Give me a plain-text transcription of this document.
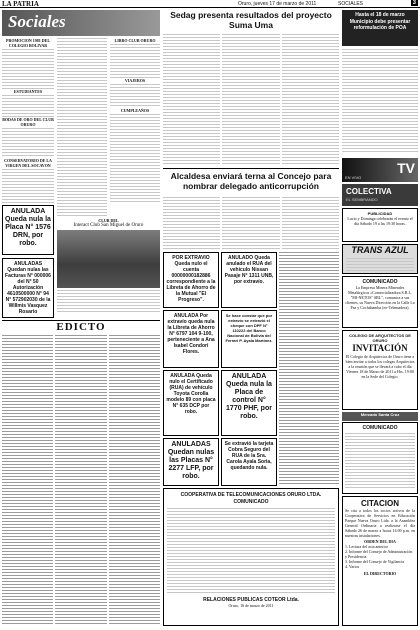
LA PATRIA	Oruro, jueves 17 de marzo de 2011	SOCIALES	3
Sociales
PROMOCION 1981 DEL COLEGIO BOLIVAR
ESTUDIANTES
BODAS DE ORO DEL CLUB ORURO
CONSERVATORIO DE LA VIRGEN DEL SOCAVON
LIBRO CLUB ORURO
VIAJEROS
CUMPLEAÑOS
ANULADA Queda nula la Placa N° 1576 DRN, por robo.
ANULADAS Quedan nulas las Facturas N° 000006 del N° 50 Autorización 4610500000 N° 94 N° 572902030 de la Willmis Vasquez Rosario
CLUB DEL
Interact Club San Miguel de Oruro
EDICTO
Sedag presenta resultados del proyecto Suma Uma
Alcaldesa enviará terna al Concejo para nombrar delegado anticorrupción
POR EXTRAVIO Queda nulo el cuenta 00000000182886 correspondiente a la Libreta de Ahorro de la Mutual "El Progreso".
ANULADA Por extravío queda nula la Libreta de Ahorro N° 6797 104 9-100, perteneciente a Ana Isabel Condori Flores.
ANULADA Queda nulo el Certificado (RUA) de vehículo Toyota Corolla modelo 89 con placa N° 635 DCP por robo.
ANULADAS Quedan nulas las Placas N° 2277 LFP, por robo.
ANULADO Queda anulado el RUA del vehículo Nissan Pasaje N° 1311 UNB, por extravío.
Se hace constar que por extravío se extravió el cheque con DPF N° 110222 del Banco Nacional de Bolivia del Ferrari P. Ayala Martínez.
ANULADA Queda nula la Placa de control N° 1770 PHF, por robo.
Se extravió la tarjeta Cobra Seguro del RUA de la Sra. Carola Ayala Soria, quedando nula.
COOPERATIVA DE TELECOMUNICACIONES ORURO LTDA.
COMUNICADO
RELACIONES PUBLICAS COTEOR Ltda.
Oruro, 16 de marzo de 2011
Hasta el 18 de marzo
Municipio debe presentar reformulación de POA
TV
EN VIVO
COLECTIVA
EL SEMBRANDO
PUBLICIDAD
Lucio y Dominga celebrarán el evento el día Sábado 19 a las 19:30 horas.
TRANS AZUL
COMUNICADO
La Empresa Minera Minerales Metalúrgicos «Comercializadora S.R.L. "MI-NETOS" SRL", comunica a sus clientes, su Nueva Dirección en la Calle La Paz y Cochabamba (ex-Telemadera).
COLEGIO DE ARQUITECTOS DE ORURO
INVITACIÓN
El Colegio de Arquitectos de Oruro tiene a bien invitar a todos los colegas Arquitectos a la reunión que se llevará a cabo el día Viernes 18 de Marzo de 2011 a Hrs. 19:00 en la Sede del Colegio.
Mercado Santa Cruz
COMUNICADO
CITACION
Se cita a todos los socios activos de la Cooperativa de Servicios en Educación Parque Nueva Oruro Ltda. a la Asamblea General Ordinaria a realizarse el día Sábado 26 de marzo a horas 14:00 p.m. en nuestras instalaciones.
ORDEN DEL DIA
1. Lectura del acta anterior
2. Informe del Consejo de Administración y Presidencia
3. Informe del Consejo de Vigilancia
4. Varios
EL DIRECTORIO
